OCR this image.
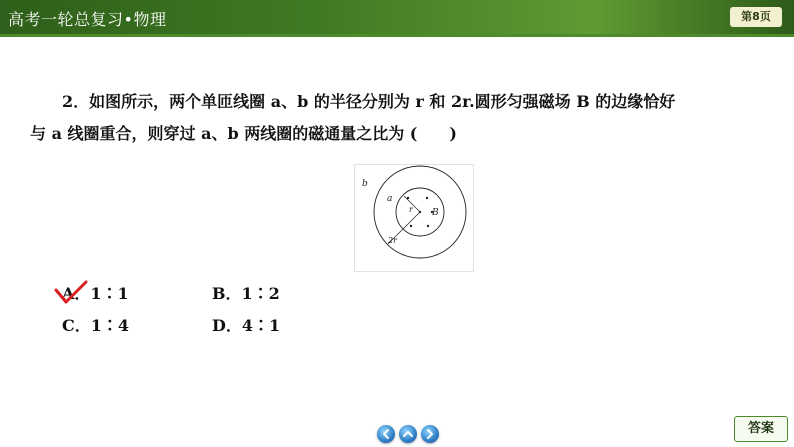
高考一轮总复习•物理	第8页
2．如图所示，两个单匝线圈 a、b 的半径分别为 r 和 2r.圆形匀强磁场 B 的边缘恰好
与 a 线圈重合，则穿过 a、b 两线圈的磁通量之比为 (　　)
b
a
r B
2r
A．1∶1	B．1∶2
C．1∶4	D．4∶1
答案
